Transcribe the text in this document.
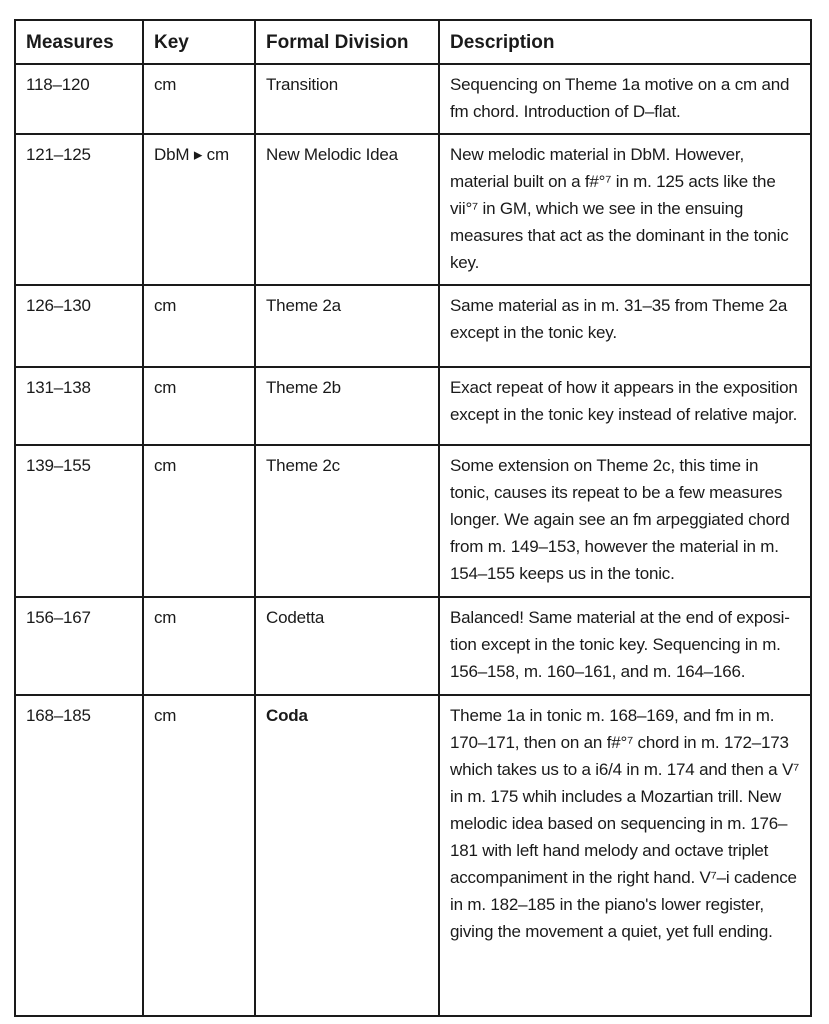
Measures	Key	Formal Division	Description
118–120	cm	Transition	Sequencing on Theme 1a motive on a cm and fm chord. Introduction of D–flat.
121–125	DbM ▸ cm	New Melodic Idea	New melodic material in DbM. However, material built on a f#°⁷ in m. 125 acts like the vii°⁷ in GM, which we see in the ensuing measures that act as the dominant in the tonic key.
126–130	cm	Theme 2a	Same material as in m. 31–35 from Theme 2a except in the tonic key.
131–138	cm	Theme 2b	Exact repeat of how it appears in the exposition except in the tonic key instead of relative major.
139–155	cm	Theme 2c	Some extension on Theme 2c, this time in tonic, causes its repeat to be a few measures longer. We again see an fm arpeggiated chord from m. 149–153, however the material in m. 154–155 keeps us in the tonic.
156–167	cm	Codetta	Balanced! Same material at the end of exposi-tion except in the tonic key. Sequencing in m. 156–158, m. 160–161, and m. 164–166.
168–185	cm	Coda	Theme 1a in tonic m. 168–169, and fm in m. 170–171, then on an f#°⁷ chord in m. 172–173 which takes us to a i6/4 in m. 174 and then a V⁷ in m. 175 whih includes a Mozartian trill. New melodic idea based on sequencing in m. 176–181 with left hand melody and octave triplet accompaniment in the right hand. V⁷–i cadence in m. 182–185 in the piano's lower register, giving the movement a quiet, yet full ending.
